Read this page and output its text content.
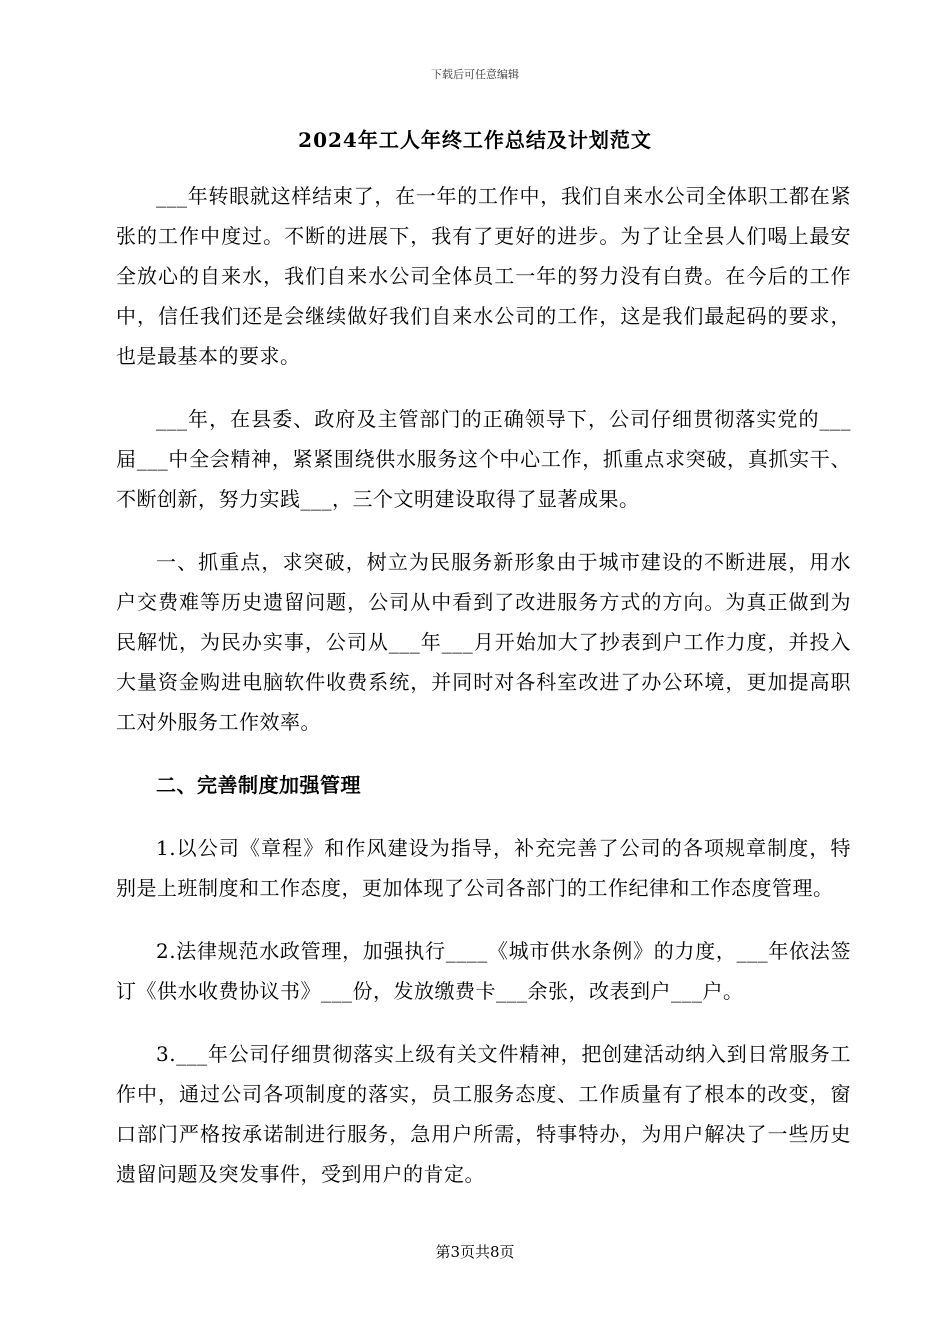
下载后可任意编辑
2024年工人年终工作总结及计划范文

___年转眼就这样结束了，在一年的工作中，我们自来水公司全体职工都在紧张的工作中度过。不断的进展下，我有了更好的进步。为了让全县人们喝上最安全放心的自来水，我们自来水公司全体员工一年的努力没有白费。在今后的工作中，信任我们还是会继续做好我们自来水公司的工作，这是我们最起码的要求，也是最基本的要求。

___年，在县委、政府及主管部门的正确领导下，公司仔细贯彻落实党的___届___中全会精神，紧紧围绕供水服务这个中心工作，抓重点求突破，真抓实干、不断创新，努力实践___，三个文明建设取得了显著成果。

一、抓重点，求突破，树立为民服务新形象由于城市建设的不断进展，用水户交费难等历史遗留问题，公司从中看到了改进服务方式的方向。为真正做到为民解忧，为民办实事，公司从___年___月开始加大了抄表到户工作力度，并投入大量资金购进电脑软件收费系统，并同时对各科室改进了办公环境，更加提高职工对外服务工作效率。

二、完善制度加强管理

1.以公司《章程》和作风建设为指导，补充完善了公司的各项规章制度，特别是上班制度和工作态度，更加体现了公司各部门的工作纪律和工作态度管理。

2.法律规范水政管理，加强执行____《城市供水条例》的力度，___年依法签订《供水收费协议书》___份，发放缴费卡___余张，改表到户___户。

3.___年公司仔细贯彻落实上级有关文件精神，把创建活动纳入到日常服务工作中，通过公司各项制度的落实，员工服务态度、工作质量有了根本的改变，窗口部门严格按承诺制进行服务，急用户所需，特事特办，为用户解决了一些历史遗留问题及突发事件，受到用户的肯定。

第3页共8页
